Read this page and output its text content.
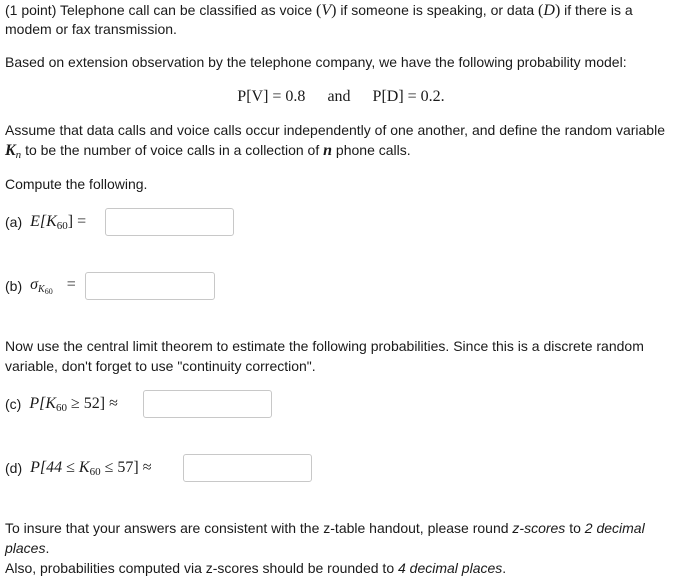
(1 point) Telephone call can be classified as voice (V) if someone is speaking, or data (D) if there is a
modem or fax transmission.
Based on extension observation by the telephone company, we have the following probability model:
P[V] = 0.8 and P[D] = 0.2.
Assume that data calls and voice calls occur independently of one another, and define the random variable
$K_n$ to be the number of voice calls in a collection of n phone calls.
Compute the following.
(a) $E[K_{60}]$ =
(b) $\sigma_{K_{60}}$ =
Now use the central limit theorem to estimate the following probabilities. Since this is a discrete random
variable, don't forget to use "continuity correction".
(c) $P[K_{60} \ge 52]$ ≈
(d) $P[44 \le K_{60} \le 57]$ ≈
To insure that your answers are consistent with the z-table handout, please round z-scores to 2 decimal
places.
Also, probabilities computed via z-scores should be rounded to 4 decimal places.
